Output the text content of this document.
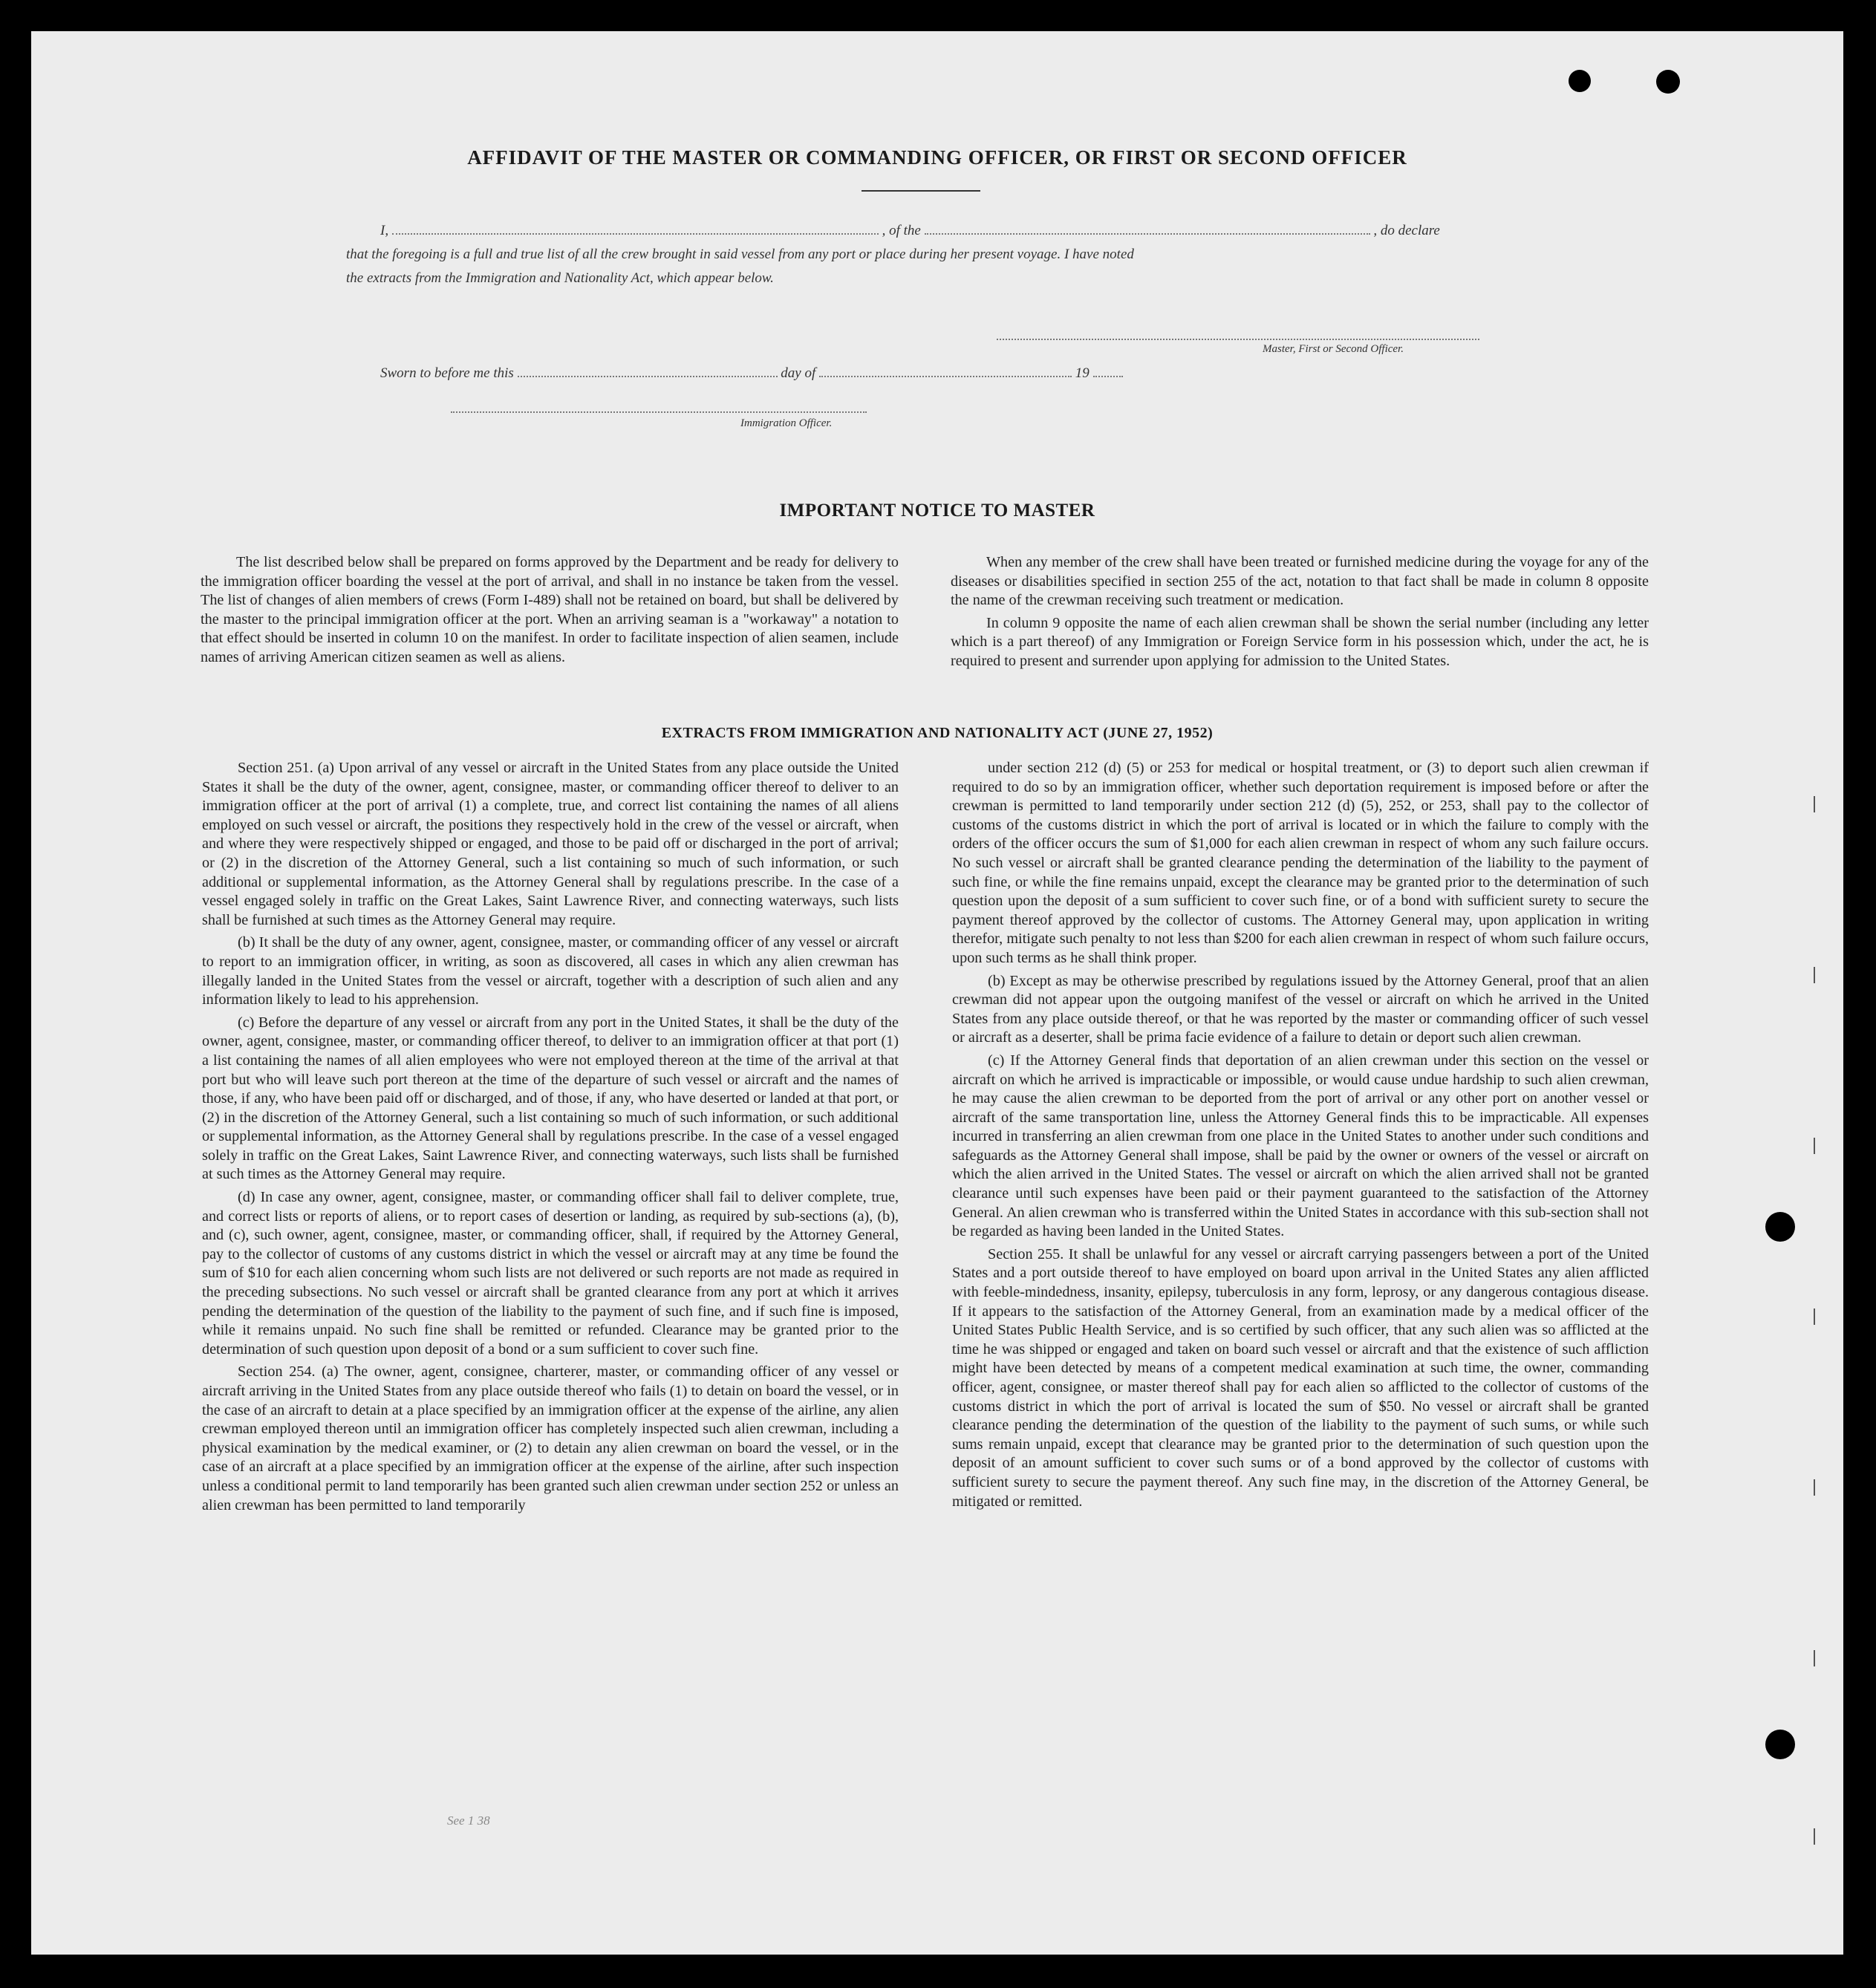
AFFIDAVIT OF THE MASTER OR COMMANDING OFFICER, OR FIRST OR SECOND OFFICER
I,	, of the	, do declare
that the foregoing is a full and true list of all the crew brought in said vessel from any port or place during her present voyage. I have noted
the extracts from the Immigration and Nationality Act, which appear below.
Master, First or Second Officer.
Sworn to before me this	day of	19
Immigration Officer.
IMPORTANT NOTICE TO MASTER

The list described below shall be prepared on forms approved by the Department and be ready for delivery to the immigration officer boarding the vessel at the port of arrival, and shall in no instance be taken from the vessel. The list of changes of alien members of crews (Form I-489) shall not be retained on board, but shall be delivered by the master to the principal immigration officer at the port. When an arriving seaman is a "workaway" a notation to that effect should be inserted in column 10 on the manifest. In order to facilitate inspection of alien seamen, include names of arriving American citizen seamen as well as aliens.

When any member of the crew shall have been treated or furnished medicine during the voyage for any of the diseases or disabilities specified in section 255 of the act, notation to that fact shall be made in column 8 opposite the name of the crewman receiving such treatment or medication.

In column 9 opposite the name of each alien crewman shall be shown the serial number (including any letter which is a part thereof) of any Immigration or Foreign Service form in his possession which, under the act, he is required to present and surrender upon applying for admission to the United States.

EXTRACTS FROM IMMIGRATION AND NATIONALITY ACT (JUNE 27, 1952)

Section 251. (a) Upon arrival of any vessel or aircraft in the United States from any place outside the United States it shall be the duty of the owner, agent, consignee, master, or commanding officer thereof to deliver to an immigration officer at the port of arrival (1) a complete, true, and correct list containing the names of all aliens employed on such vessel or aircraft, the positions they respectively hold in the crew of the vessel or aircraft, when and where they were respectively shipped or engaged, and those to be paid off or discharged in the port of arrival; or (2) in the discretion of the Attorney General, such a list containing so much of such information, or such additional or supplemental information, as the Attorney General shall by regulations prescribe. In the case of a vessel engaged solely in traffic on the Great Lakes, Saint Lawrence River, and connecting waterways, such lists shall be furnished at such times as the Attorney General may require.

(b) It shall be the duty of any owner, agent, consignee, master, or commanding officer of any vessel or aircraft to report to an immigration officer, in writing, as soon as discovered, all cases in which any alien crewman has illegally landed in the United States from the vessel or aircraft, together with a description of such alien and any information likely to lead to his apprehension.

(c) Before the departure of any vessel or aircraft from any port in the United States, it shall be the duty of the owner, agent, consignee, master, or commanding officer thereof, to deliver to an immigration officer at that port (1) a list containing the names of all alien employees who were not employed thereon at the time of the arrival at that port but who will leave such port thereon at the time of the departure of such vessel or aircraft and the names of those, if any, who have been paid off or discharged, and of those, if any, who have deserted or landed at that port, or (2) in the discretion of the Attorney General, such a list containing so much of such information, or such additional or supplemental information, as the Attorney General shall by regulations prescribe. In the case of a vessel engaged solely in traffic on the Great Lakes, Saint Lawrence River, and connecting waterways, such lists shall be furnished at such times as the Attorney General may require.

(d) In case any owner, agent, consignee, master, or commanding officer shall fail to deliver complete, true, and correct lists or reports of aliens, or to report cases of desertion or landing, as required by sub-sections (a), (b), and (c), such owner, agent, consignee, master, or commanding officer, shall, if required by the Attorney General, pay to the collector of customs of any customs district in which the vessel or aircraft may at any time be found the sum of $10 for each alien concerning whom such lists are not delivered or such reports are not made as required in the preceding subsections. No such vessel or aircraft shall be granted clearance from any port at which it arrives pending the determination of the question of the liability to the payment of such fine, and if such fine is imposed, while it remains unpaid. No such fine shall be remitted or refunded. Clearance may be granted prior to the determination of such question upon deposit of a bond or a sum sufficient to cover such fine.

Section 254. (a) The owner, agent, consignee, charterer, master, or commanding officer of any vessel or aircraft arriving in the United States from any place outside thereof who fails (1) to detain on board the vessel, or in the case of an aircraft to detain at a place specified by an immigration officer at the expense of the airline, any alien crewman employed thereon until an immigration officer has completely inspected such alien crewman, including a physical examination by the medical examiner, or (2) to detain any alien crewman on board the vessel, or in the case of an aircraft at a place specified by an immigration officer at the expense of the airline, after such inspection unless a conditional permit to land temporarily has been granted such alien crewman under section 252 or unless an alien crewman has been permitted to land temporarily

under section 212 (d) (5) or 253 for medical or hospital treatment, or (3) to deport such alien crewman if required to do so by an immigration officer, whether such deportation requirement is imposed before or after the crewman is permitted to land temporarily under section 212 (d) (5), 252, or 253, shall pay to the collector of customs of the customs district in which the port of arrival is located or in which the failure to comply with the orders of the officer occurs the sum of $1,000 for each alien crewman in respect of whom any such failure occurs. No such vessel or aircraft shall be granted clearance pending the determination of the liability to the payment of such fine, or while the fine remains unpaid, except the clearance may be granted prior to the determination of such question upon the deposit of a sum sufficient to cover such fine, or of a bond with sufficient surety to secure the payment thereof approved by the collector of customs. The Attorney General may, upon application in writing therefor, mitigate such penalty to not less than $200 for each alien crewman in respect of whom such failure occurs, upon such terms as he shall think proper.

(b) Except as may be otherwise prescribed by regulations issued by the Attorney General, proof that an alien crewman did not appear upon the outgoing manifest of the vessel or aircraft on which he arrived in the United States from any place outside thereof, or that he was reported by the master or commanding officer of such vessel or aircraft as a deserter, shall be prima facie evidence of a failure to detain or deport such alien crewman.

(c) If the Attorney General finds that deportation of an alien crewman under this section on the vessel or aircraft on which he arrived is impracticable or impossible, or would cause undue hardship to such alien crewman, he may cause the alien crewman to be deported from the port of arrival or any other port on another vessel or aircraft of the same transportation line, unless the Attorney General finds this to be impracticable. All expenses incurred in transferring an alien crewman from one place in the United States to another under such conditions and safeguards as the Attorney General shall impose, shall be paid by the owner or owners of the vessel or aircraft on which the alien arrived in the United States. The vessel or aircraft on which the alien arrived shall not be granted clearance until such expenses have been paid or their payment guaranteed to the satisfaction of the Attorney General. An alien crewman who is transferred within the United States in accordance with this sub-section shall not be regarded as having been landed in the United States.

Section 255. It shall be unlawful for any vessel or aircraft carrying passengers between a port of the United States and a port outside thereof to have employed on board upon arrival in the United States any alien afflicted with feeble-mindedness, insanity, epilepsy, tuberculosis in any form, leprosy, or any dangerous contagious disease. If it appears to the satisfaction of the Attorney General, from an examination made by a medical officer of the United States Public Health Service, and is so certified by such officer, that any such alien was so afflicted at the time he was shipped or engaged and taken on board such vessel or aircraft and that the existence of such affliction might have been detected by means of a competent medical examination at such time, the owner, commanding officer, agent, consignee, or master thereof shall pay for each alien so afflicted to the collector of customs of the customs district in which the port of arrival is located the sum of $50. No vessel or aircraft shall be granted clearance pending the determination of the question of the liability to the payment of such sums, or while such sums remain unpaid, except that clearance may be granted prior to the determination of such question upon the deposit of an amount sufficient to cover such sums or of a bond approved by the collector of customs with sufficient surety to secure the payment thereof. Any such fine may, in the discretion of the Attorney General, be mitigated or remitted.

See 1 38
